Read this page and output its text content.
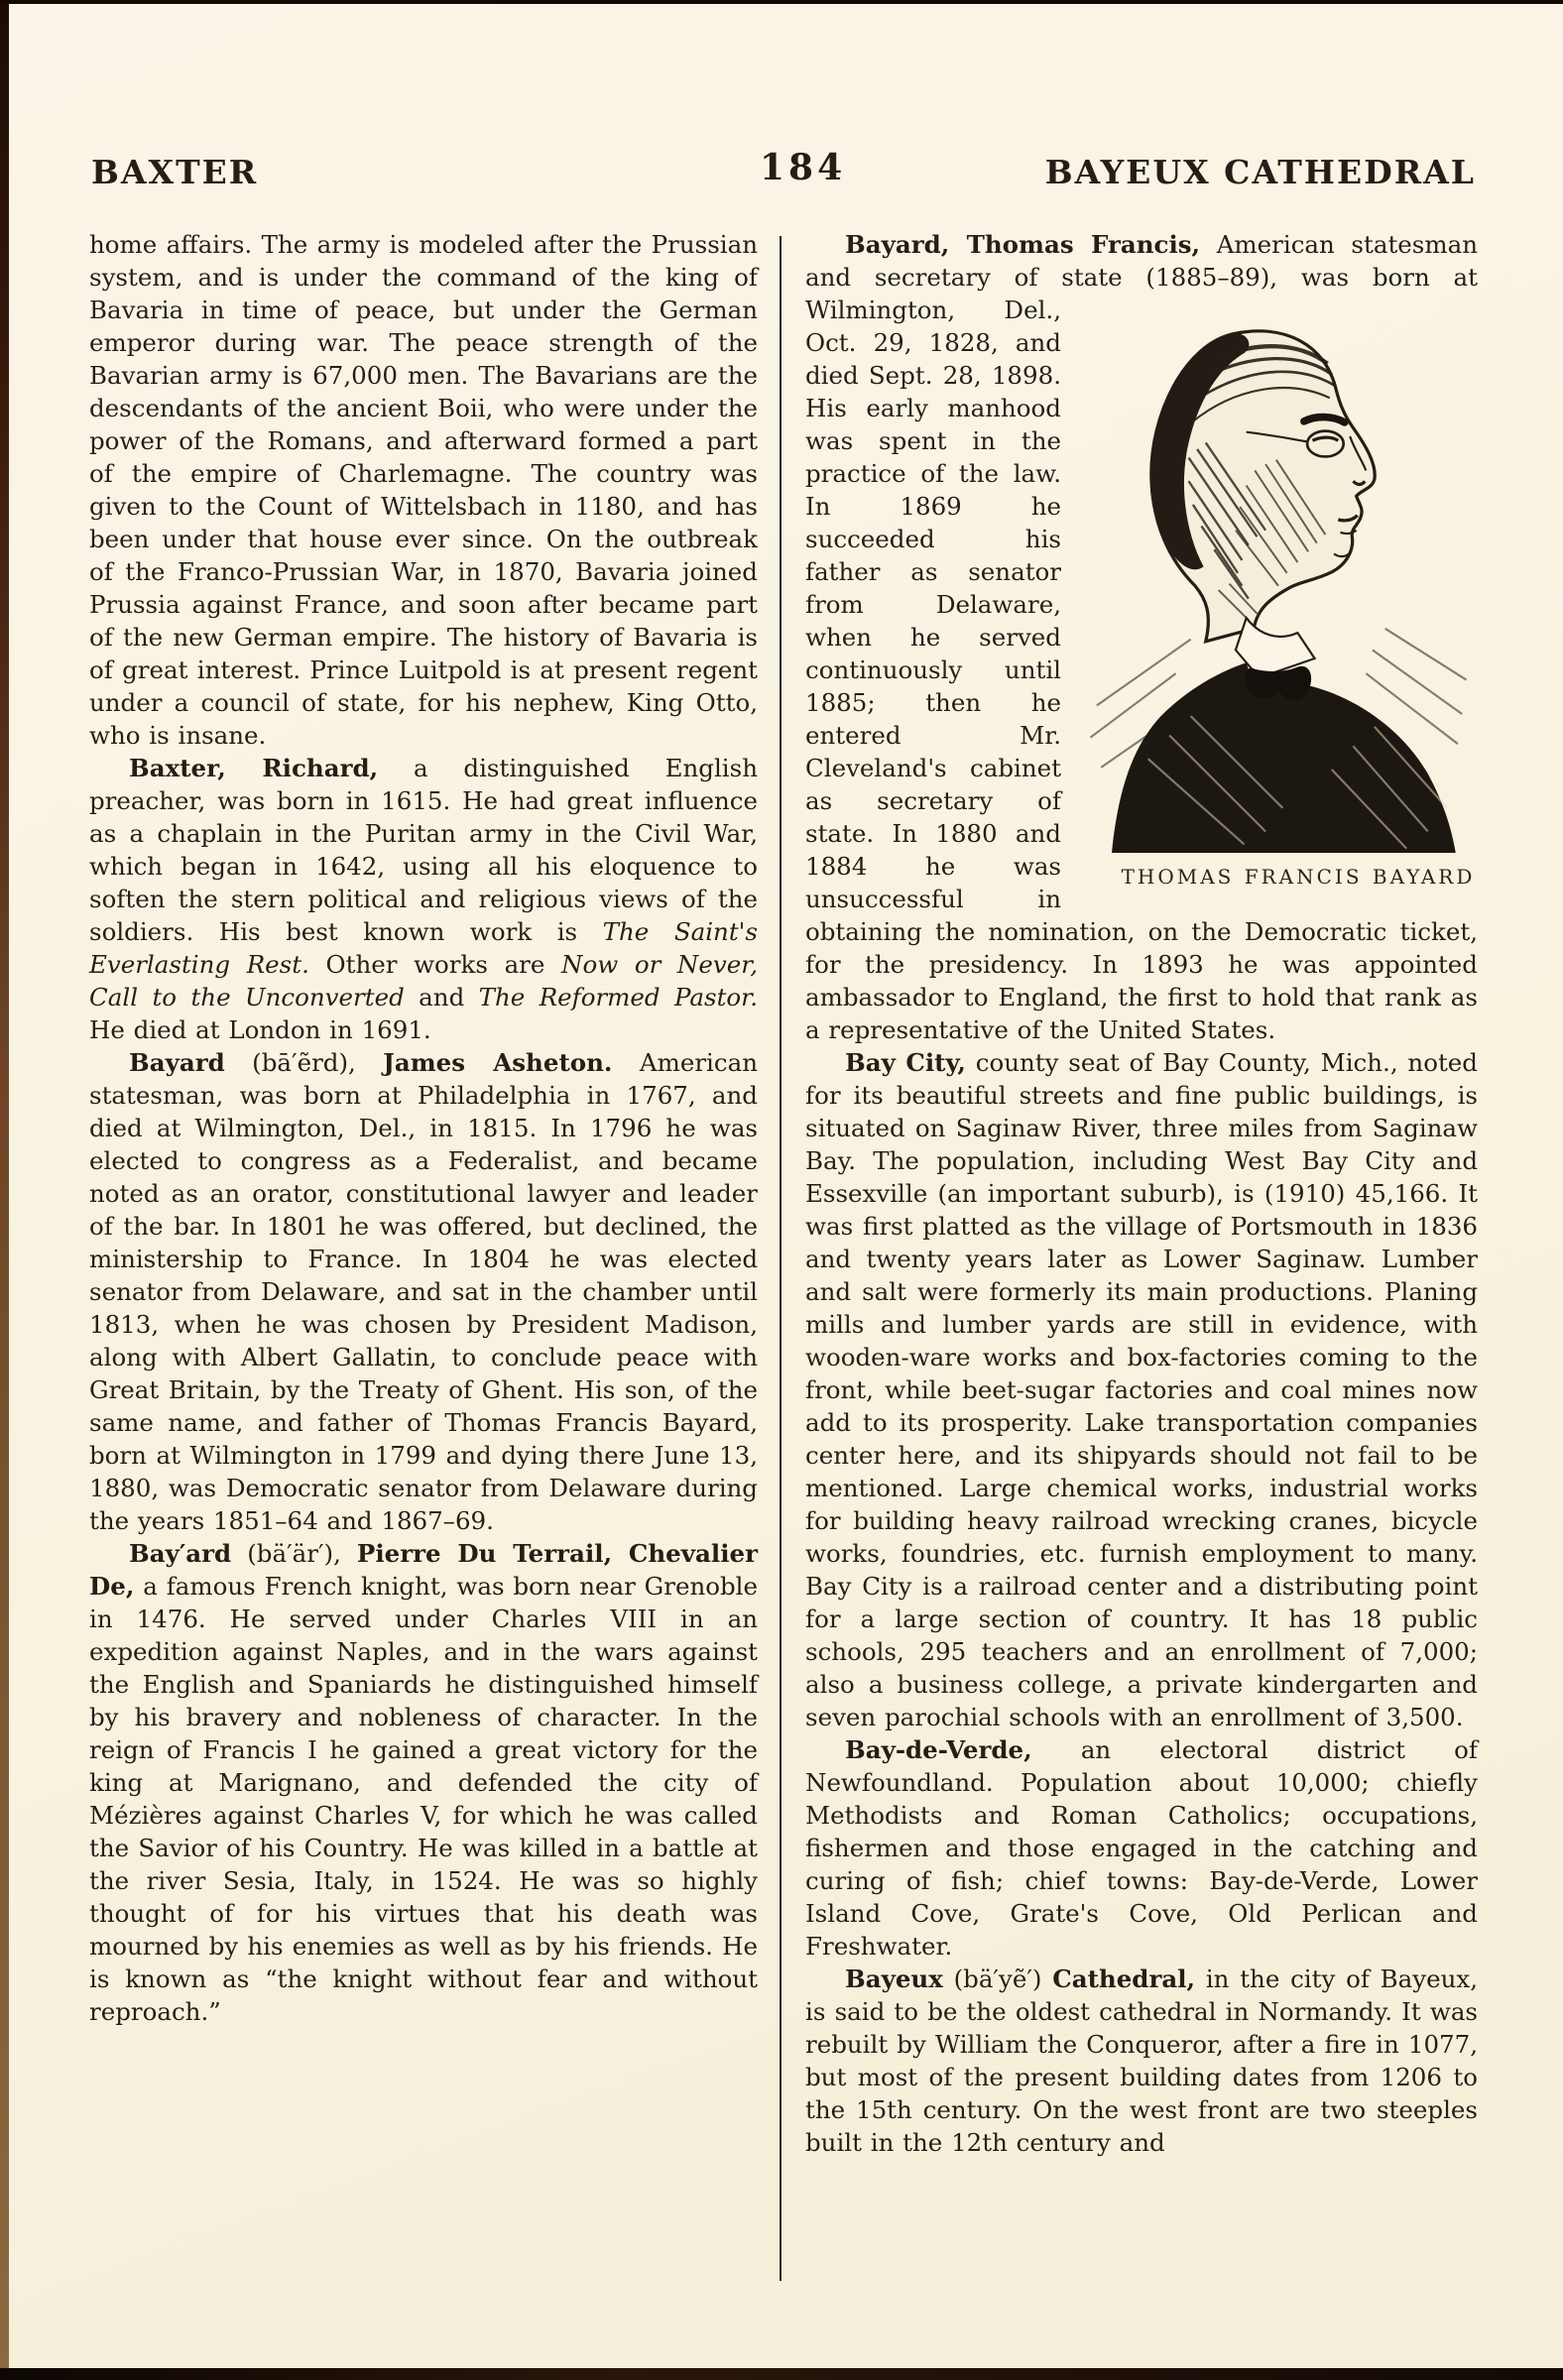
BAXTER	184	BAYEUX CATHEDRAL

home affairs. The army is modeled after the Prussian system, and is under the command of the king of Bavaria in time of peace, but under the German emperor during war. The peace strength of the Bavarian army is 67,000 men. The Bavarians are the descendants of the ancient Boii, who were under the power of the Romans, and afterward formed a part of the empire of Charlemagne. The country was given to the Count of Wittelsbach in 1180, and has been under that house ever since. On the outbreak of the Franco-Prussian War, in 1870, Bavaria joined Prussia against France, and soon after became part of the new German empire. The history of Bavaria is of great interest. Prince Luitpold is at present regent under a council of state, for his nephew, King Otto, who is insane.

Baxter, Richard, a distinguished English preacher, was born in 1615. He had great influence as a chaplain in the Puritan army in the Civil War, which began in 1642, using all his eloquence to soften the stern political and religious views of the soldiers. His best known work is The Saint's Everlasting Rest. Other works are Now or Never, Call to the Unconverted and The Reformed Pastor. He died at London in 1691.

Bayard (bā′ẽrd), James Asheton. American statesman, was born at Philadelphia in 1767, and died at Wilmington, Del., in 1815. In 1796 he was elected to congress as a Federalist, and became noted as an orator, constitutional lawyer and leader of the bar. In 1801 he was offered, but declined, the ministership to France. In 1804 he was elected senator from Delaware, and sat in the chamber until 1813, when he was chosen by President Madison, along with Albert Gallatin, to conclude peace with Great Britain, by the Treaty of Ghent. His son, of the same name, and father of Thomas Francis Bayard, born at Wilmington in 1799 and dying there June 13, 1880, was Democratic senator from Delaware during the years 1851–64 and 1867–69.

Bay′ard (bä′är′), Pierre Du Terrail, Chevalier De, a famous French knight, was born near Grenoble in 1476. He served under Charles VIII in an expedition against Naples, and in the wars against the English and Spaniards he distinguished himself by his bravery and nobleness of character. In the reign of Francis I he gained a great victory for the king at Marignano, and defended the city of Mézières against Charles V, for which he was called the Savior of his Country. He was killed in a battle at the river Sesia, Italy, in 1524. He was so highly thought of for his virtues that his death was mourned by his enemies as well as by his friends. He is known as “the knight without fear and without reproach.”

Bayard, Thomas Francis, American statesman and secretary of state (1885–89),
THOMAS FRANCIS BAYARD
was born at Wilmington, Del., Oct. 29, 1828, and died Sept. 28, 1898. His early manhood was spent in the practice of the law. In 1869 he succeeded his father as senator from Delaware, when he served continuously until 1885; then he entered Mr. Cleveland's cabinet as secretary of state. In 1880 and 1884 he was unsuccessful in obtaining the nomination, on the Democratic ticket, for the presidency. In 1893 he was appointed ambassador to England, the first to hold that rank as a representative of the United States.

Bay City, county seat of Bay County, Mich., noted for its beautiful streets and fine public buildings, is situated on Saginaw River, three miles from Saginaw Bay. The population, including West Bay City and Essexville (an important suburb), is (1910) 45,166. It was first platted as the village of Portsmouth in 1836 and twenty years later as Lower Saginaw. Lumber and salt were formerly its main productions. Planing mills and lumber yards are still in evidence, with wooden-ware works and box-factories coming to the front, while beet-sugar factories and coal mines now add to its prosperity. Lake transportation companies center here, and its shipyards should not fail to be mentioned. Large chemical works, industrial works for building heavy railroad wrecking cranes, bicycle works, foundries, etc. furnish employment to many. Bay City is a railroad center and a distributing point for a large section of country. It has 18 public schools, 295 teachers and an enrollment of 7,000; also a business college, a private kindergarten and seven parochial schools with an enrollment of 3,500.

Bay-de-Verde, an electoral district of Newfoundland. Population about 10,000; chiefly Methodists and Roman Catholics; occupations, fishermen and those engaged in the catching and curing of fish; chief towns: Bay-de-Verde, Lower Island Cove, Grate's Cove, Old Perlican and Freshwater.

Bayeux (bä′yẽ′) Cathedral, in the city of Bayeux, is said to be the oldest cathedral in Normandy. It was rebuilt by William the Conqueror, after a fire in 1077, but most of the present building dates from 1206 to the 15th century. On the west front are two steeples built in the 12th century and
